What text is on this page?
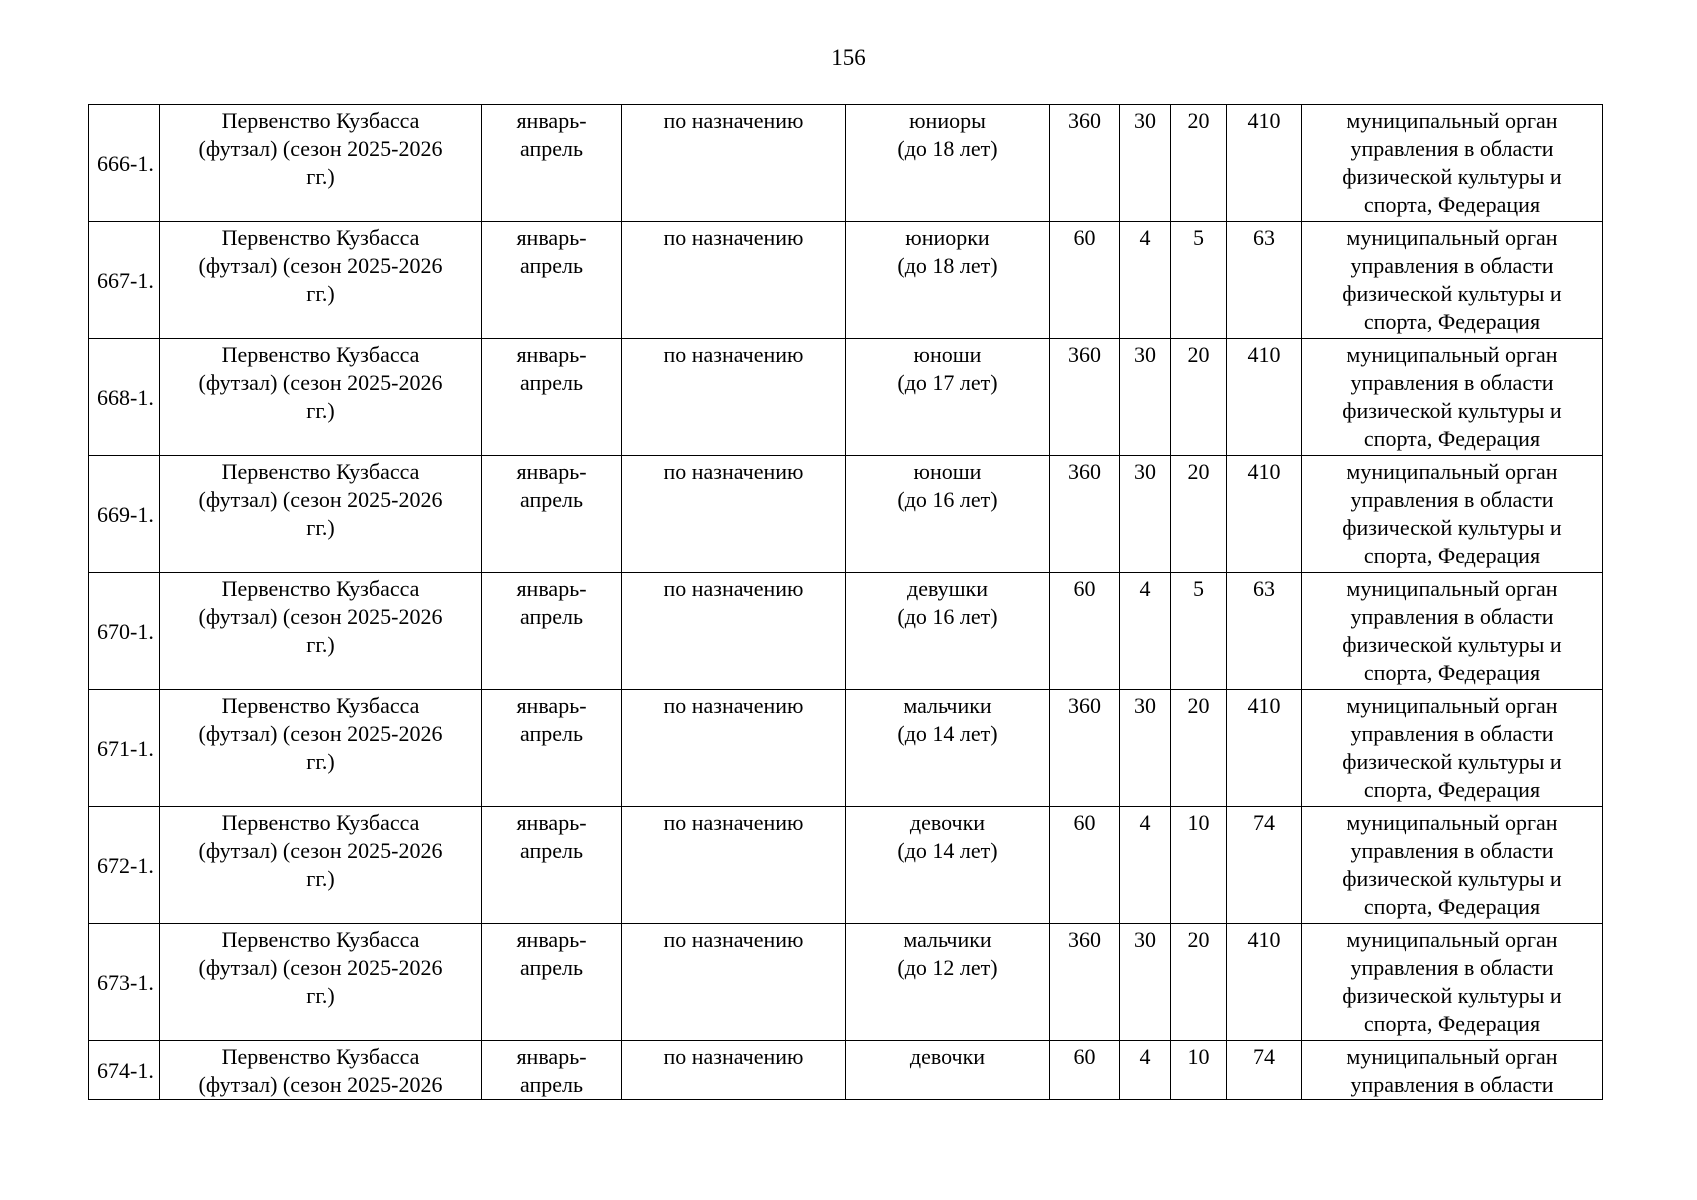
156
666-1.	Первенство Кузбасса
(футзал) (сезон 2025-2026
гг.)	январь-
апрель	по назначению	юниоры
(до 18 лет)	360	30	20	410	муниципальный орган
управления в области
физической культуры и
спорта, Федерация

667-1.	Первенство Кузбасса
(футзал) (сезон 2025-2026
гг.)	январь-
апрель	по назначению	юниорки
(до 18 лет)	60	4	5	63	муниципальный орган
управления в области
физической культуры и
спорта, Федерация

668-1.	Первенство Кузбасса
(футзал) (сезон 2025-2026
гг.)	январь-
апрель	по назначению	юноши
(до 17 лет)	360	30	20	410	муниципальный орган
управления в области
физической культуры и
спорта, Федерация

669-1.	Первенство Кузбасса
(футзал) (сезон 2025-2026
гг.)	январь-
апрель	по назначению	юноши
(до 16 лет)	360	30	20	410	муниципальный орган
управления в области
физической культуры и
спорта, Федерация

670-1.	Первенство Кузбасса
(футзал) (сезон 2025-2026
гг.)	январь-
апрель	по назначению	девушки
(до 16 лет)	60	4	5	63	муниципальный орган
управления в области
физической культуры и
спорта, Федерация

671-1.	Первенство Кузбасса
(футзал) (сезон 2025-2026
гг.)	январь-
апрель	по назначению	мальчики
(до 14 лет)	360	30	20	410	муниципальный орган
управления в области
физической культуры и
спорта, Федерация

672-1.	Первенство Кузбасса
(футзал) (сезон 2025-2026
гг.)	январь-
апрель	по назначению	девочки
(до 14 лет)	60	4	10	74	муниципальный орган
управления в области
физической культуры и
спорта, Федерация

673-1.	Первенство Кузбасса
(футзал) (сезон 2025-2026
гг.)	январь-
апрель	по назначению	мальчики
(до 12 лет)	360	30	20	410	муниципальный орган
управления в области
физической культуры и
спорта, Федерация

674-1.	Первенство Кузбасса
(футзал) (сезон 2025-2026	январь-
апрель	по назначению	девочки	60	4	10	74	муниципальный орган
управления в области
